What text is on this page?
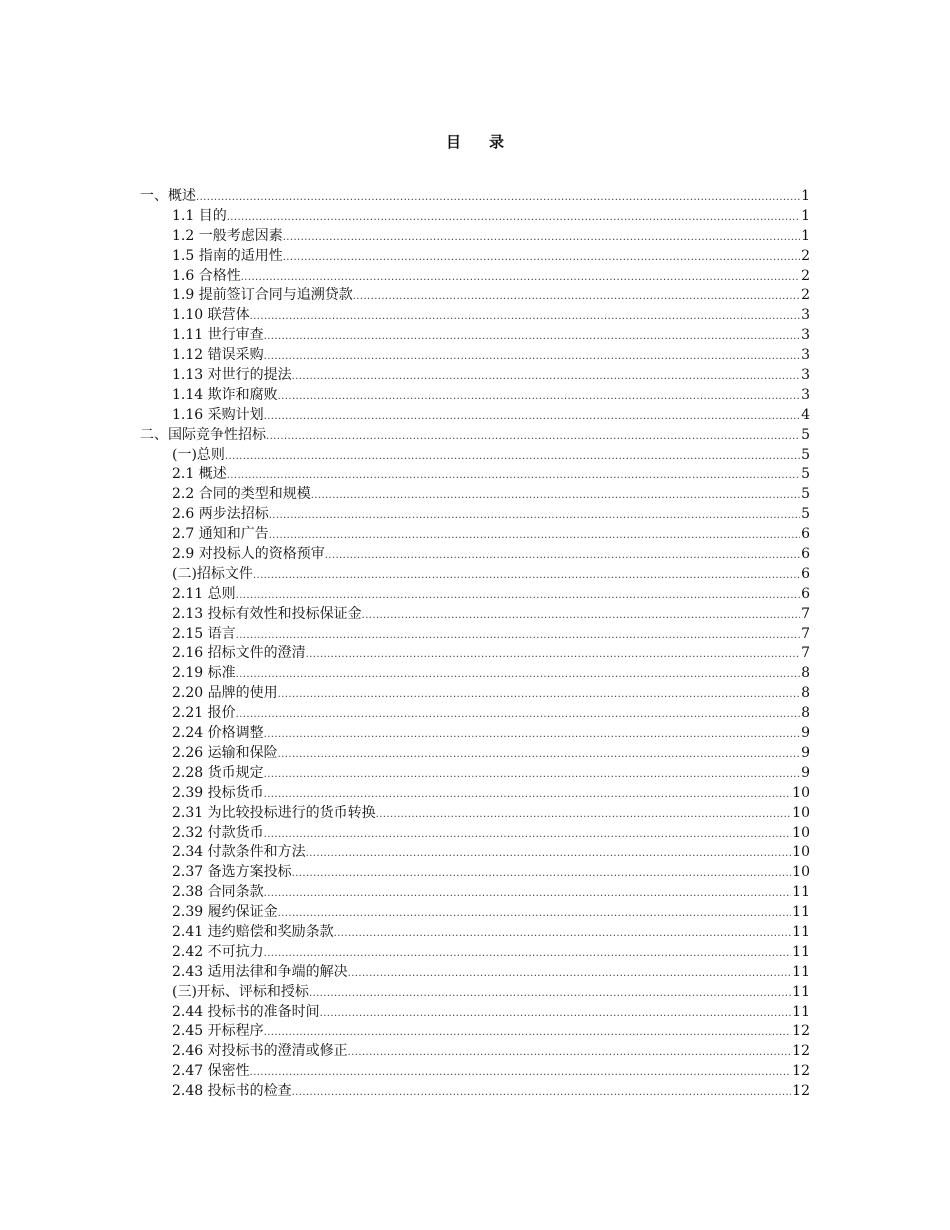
目 录
一、概述 .....	1
1.1 目的 .....	1
1.2 一般考虑因素 .....	1
1.5 指南的适用性 .....	2
1.6 合格性 .....	2
1.9 提前签订合同与追溯贷款 .....	2
1.10 联营体 .....	3
1.11 世行审查 .....	3
1.12 错误采购 .....	3
1.13 对世行的提法 .....	3
1.14 欺诈和腐败 .....	3
1.16 采购计划 .....	4
二、国际竞争性招标 .....	5
(一)总则 .....	5
2.1 概述 .....	5
2.2 合同的类型和规模 .....	5
2.6 两步法招标 .....	5
2.7 通知和广告 .....	6
2.9 对投标人的资格预审 .....	6
(二)招标文件 .....	6
2.11 总则 .....	6
2.13 投标有效性和投标保证金 .....	7
2.15 语言 .....	7
2.16 招标文件的澄清 .....	7
2.19 标准 .....	8
2.20 品牌的使用 .....	8
2.21 报价 .....	8
2.24 价格调整 .....	9
2.26 运输和保险 .....	9
2.28 货币规定 .....	9
2.39 投标货币 .....	10
2.31 为比较投标进行的货币转换 .....	10
2.32 付款货币 .....	10
2.34 付款条件和方法 .....	10
2.37 备选方案投标 .....	10
2.38 合同条款 .....	11
2.39 履约保证金 .....	11
2.41 违约赔偿和奖励条款 .....	11
2.42 不可抗力 .....	11
2.43 适用法律和争端的解决 .....	11
(三)开标、评标和授标 .....	11
2.44 投标书的准备时间 .....	11
2.45 开标程序 .....	12
2.46 对投标书的澄清或修正 .....	12
2.47 保密性 .....	12
2.48 投标书的检查 .....	12
